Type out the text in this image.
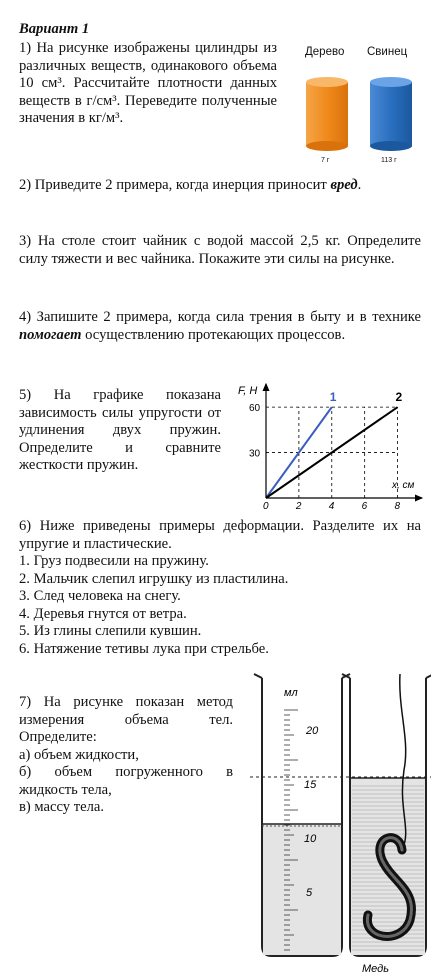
Вариант 1

1) На рисунке изображены цилиндры из различных веществ, одинакового объема 10 см³. Рассчитайте плотности данных веществ в г/см³. Переведите полученные значения в кг/м³.

Дерево Свинец
7 г	113 г

2) Приведите 2 примера, когда инерция приносит вред.

3) На столе стоит чайник с водой массой 2,5 кг. Определите силу тяжести и вес чайника. Покажите эти силы на рисунке.

4) Запишите 2 примера, когда сила трения в быту и в технике помогает осуществлению протекающих процессов.

5) На графике показана зависимость силы упругости от удлинения двух пружин. Определите и сравните жесткости пружин.

1	2
0	2	4	6	8
30
60
F, Н
x, см

6) Ниже приведены примеры деформации. Разделите их на упругие и пластические.

1. Груз подвесили на пружину.

2. Мальчик слепил игрушку из пластилина.

3. След человека на снегу.

4. Деревья гнутся от ветра.

5. Из глины слепили кувшин.

6. Натяжение тетивы лука при стрельбе.

7) На рисунке показан метод измерения объема тел. Определите:

а) объем жидкости,

б) объем погруженного в жидкость тела,

в) массу тела.

мл
20
15
10
5
Медь
